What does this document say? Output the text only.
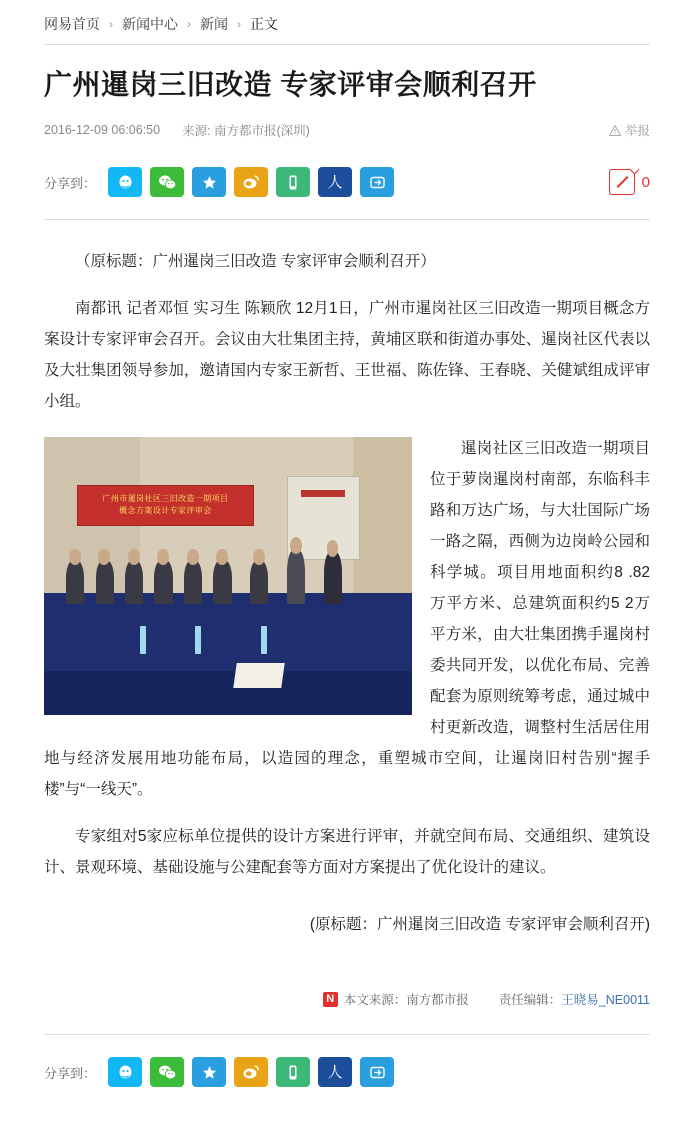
网易首页 › 新闻中心 › 新闻 › 正文
广州暹岗三旧改造 专家评审会顺利召开
2016-12-09 06:06:50 来源: 南方都市报(深圳)	举报
分享到：	人	0

（原标题：广州暹岗三旧改造 专家评审会顺利召开）

南都讯 记者邓恒 实习生 陈颖欣 12月1日，广州市暹岗社区三旧改造一期项目概念方案设计专家评审会召开。会议由大壮集团主持，黄埔区联和街道办事处、暹岗社区代表以及大壮集团领导参加，邀请国内专家王新哲、王世福、陈佐锋、王春晓、关健斌组成评审小组。

广州市暹岗社区三旧改造一期项目
概念方案设计专家评审会

暹岗社区三旧改造一期项目位于萝岗暹岗村南部，东临科丰路和万达广场，与大壮国际广场一路之隔，西侧为边岗岭公园和科学城。项目用地面积约8 .82万平方米、总建筑面积约5 2万平方米，由大壮集团携手暹岗村委共同开发，以优化布局、完善配套为原则统筹考虑，通过城中村更新改造，调整村生活居住用地与经济发展用地功能布局，以造园的理念，重塑城市空间，让暹岗旧村告别“握手楼”与“一线天”。

专家组对5家应标单位提供的设计方案进行评审，并就空间布局、交通组织、建筑设计、景观环境、基础设施与公建配套等方面对方案提出了优化设计的建议。

(原标题：广州暹岗三旧改造 专家评审会顺利召开)

N 本文来源：南方都市报 责任编辑：王晓易_NE0011
分享到：	人
